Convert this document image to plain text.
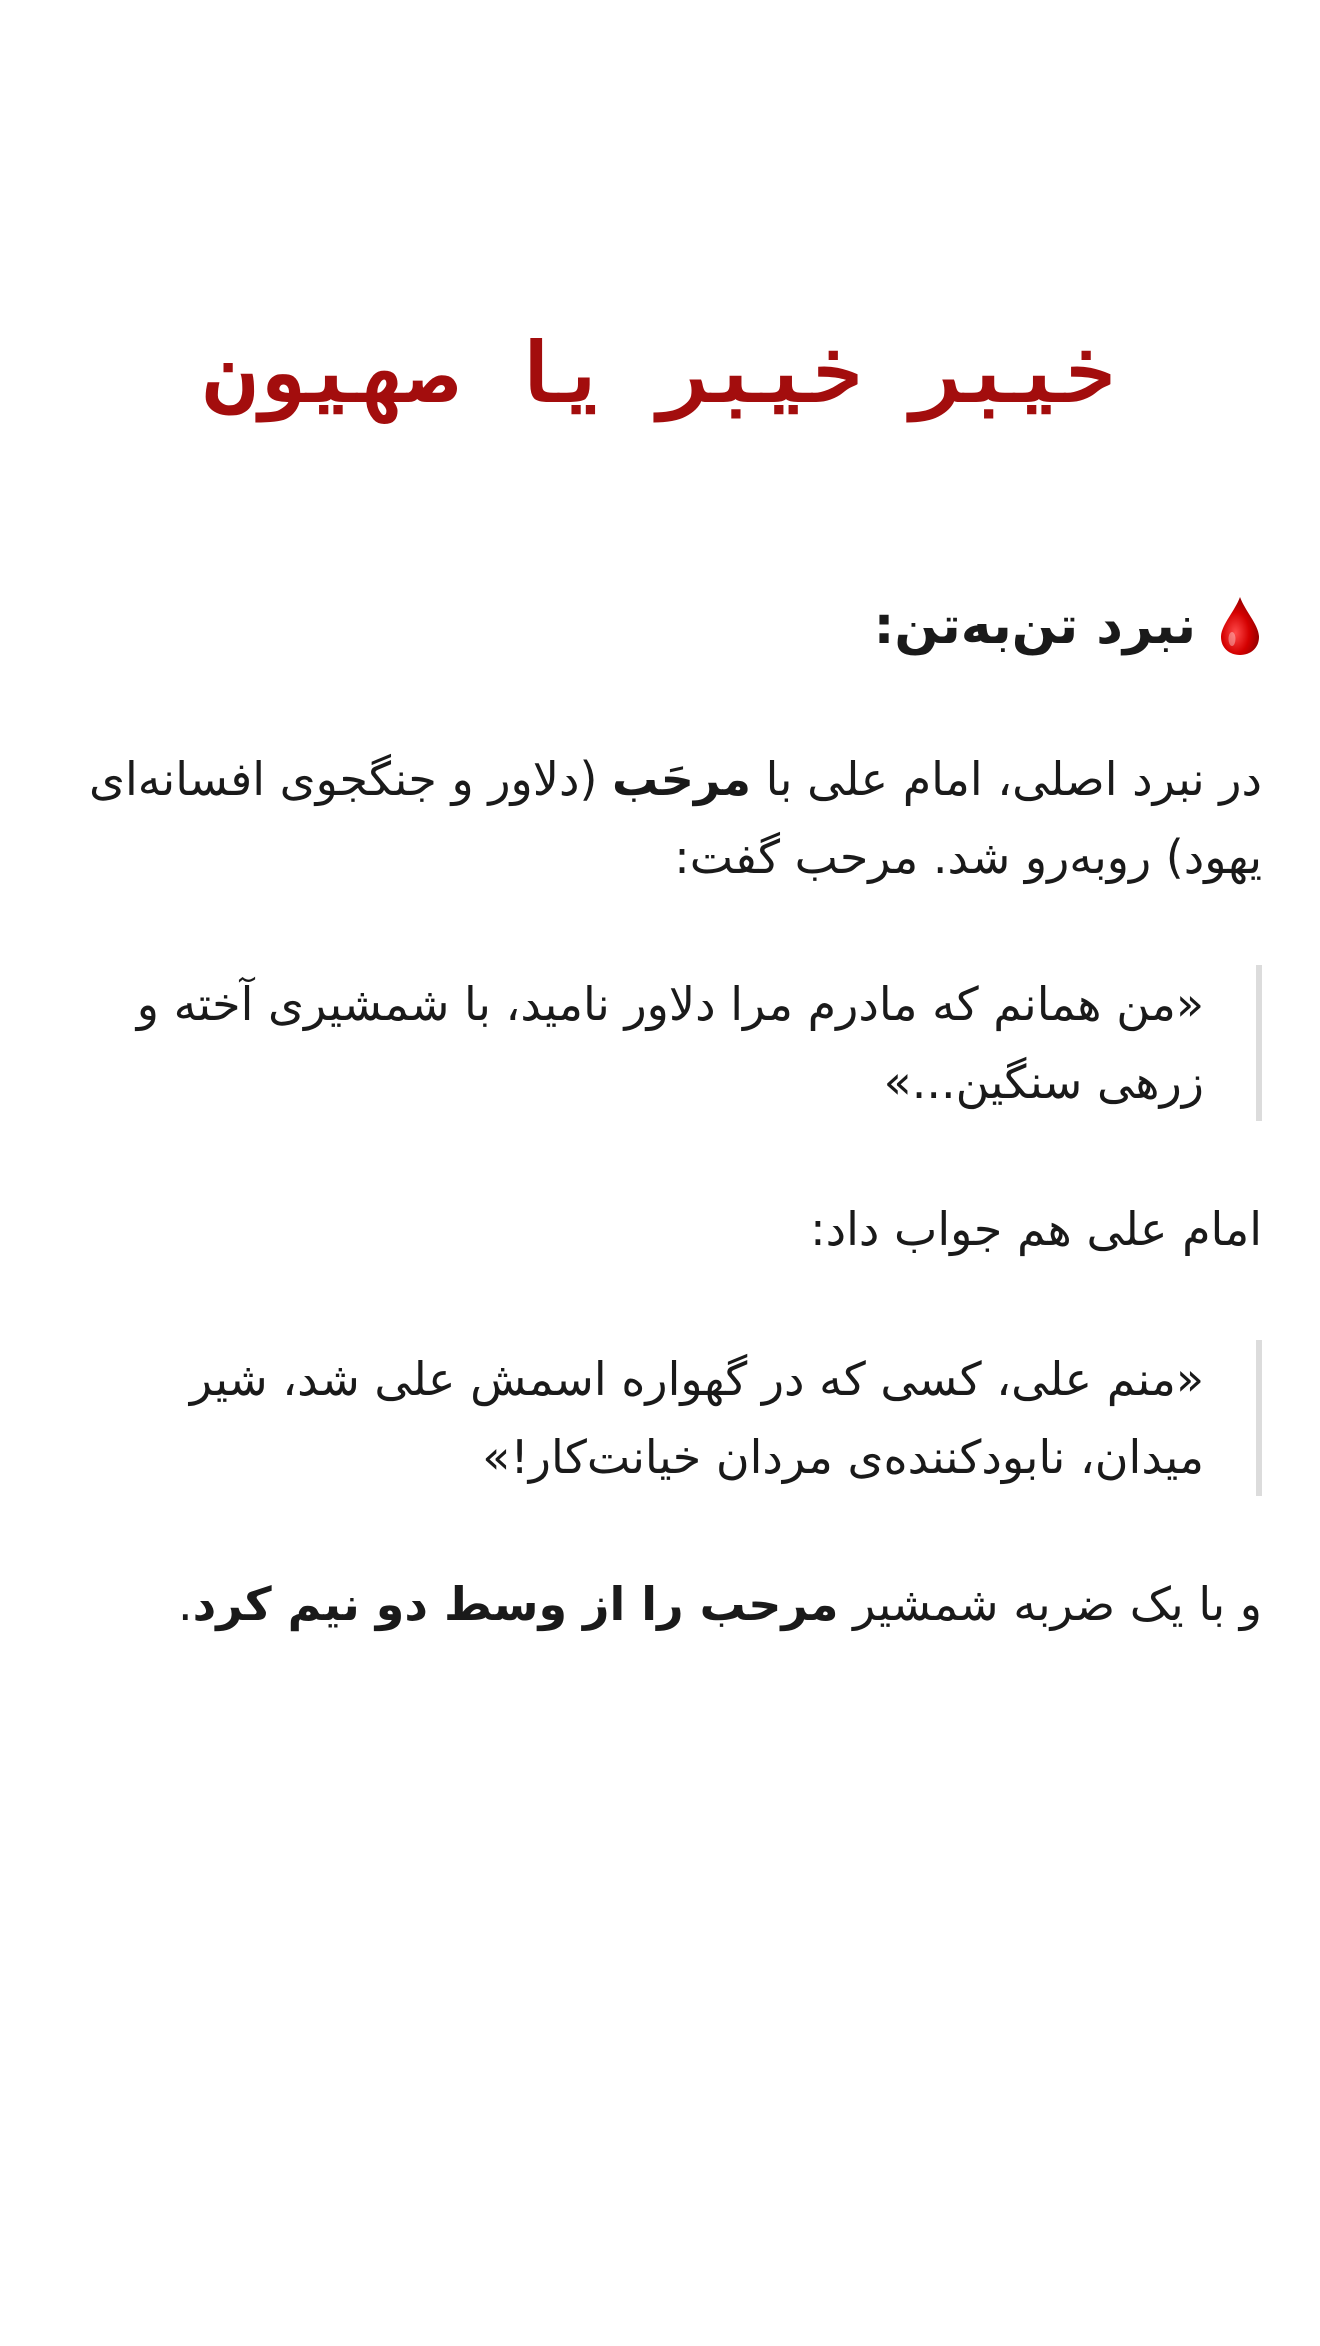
خیبر خیبر یا صهیون
نبرد تن‌به‌تن:

در نبرد اصلی، امام علی با مرحَب (دلاور و جنگجوی افسانه‌ای یهود) روبه‌رو شد. مرحب گفت:

«من همانم که مادرم مرا دلاور نامید، با شمشیری آخته و زرهی سنگین...»

امام علی هم جواب داد:

«منم علی، کسی که در گهواره اسمش علی شد، شیر میدان، نابودکننده‌ی مردان خیانت‌کار!»

و با یک ضربه شمشیر مرحب را از وسط دو نیم کرد.
